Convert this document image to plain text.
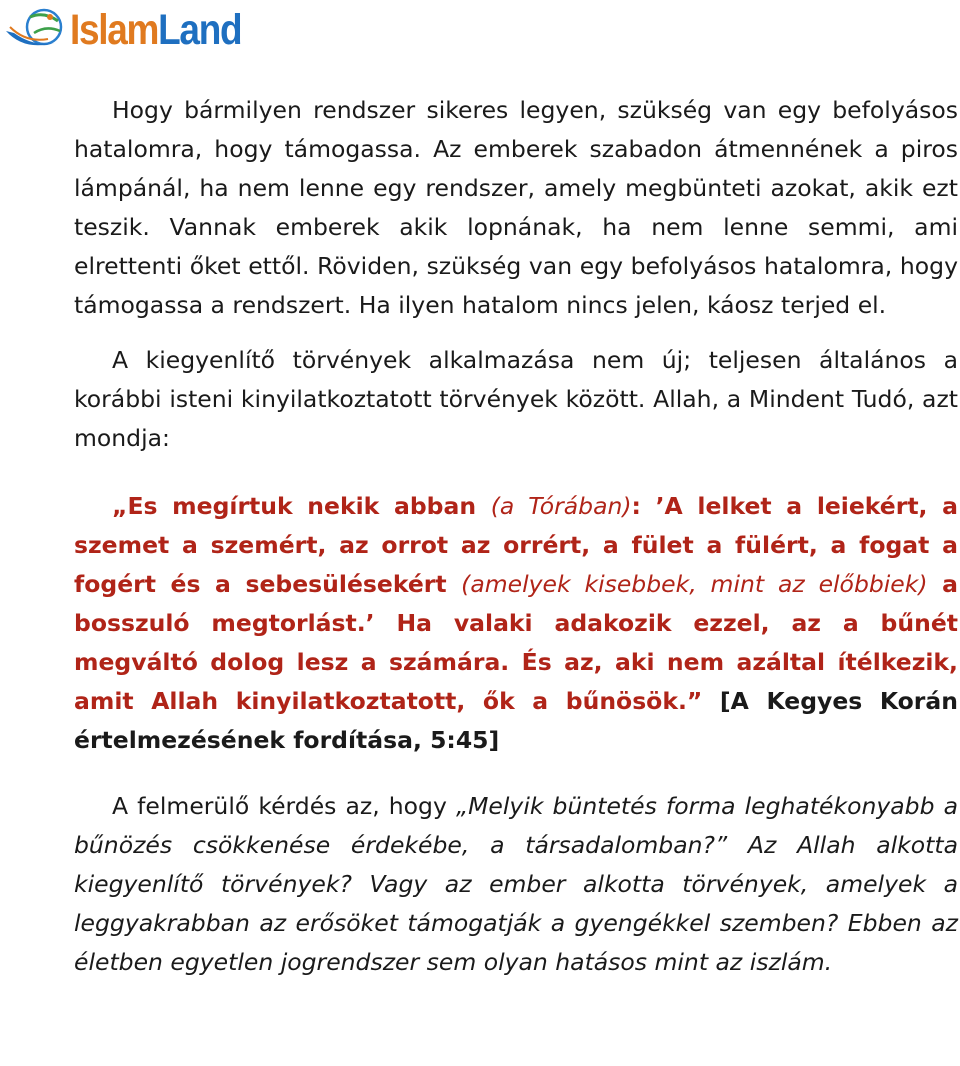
IslamLand

Hogy bármilyen rendszer sikeres legyen, szükség van egy befolyásos hatalomra, hogy támogassa. Az emberek szabadon átmennének a piros lámpánál, ha nem lenne egy rendszer, amely megbünteti azokat, akik ezt teszik. Vannak emberek akik lopnának, ha nem lenne semmi, ami elrettenti őket ettől. Röviden, szükség van egy befolyásos hatalomra, hogy támogassa a rendszert. Ha ilyen hatalom nincs jelen, káosz terjed el.

A kiegyenlítő törvények alkalmazása nem új; teljesen általános a korábbi isteni kinyilatkoztatott törvények között. Allah, a Mindent Tudó, azt mondja:

„Es megírtuk nekik abban (a Tórában): ’A lelket a leiekért, a szemet a szemért, az orrot az orrért, a fület a fülért, a fogat a fogért és a sebesülésekért (amelyek kisebbek, mint az előbbiek) a bosszuló megtorlást.’ Ha valaki adakozik ezzel, az a bűnét megváltó dolog lesz a számára. És az, aki nem azáltal ítélkezik, amit Allah kinyilatkoztatott, ők a bűnösök.” [A Kegyes Korán értelmezésének fordítása, 5:45]

A felmerülő kérdés az, hogy „Melyik büntetés forma leghatékonyabb a bűnözés csökkenése érdekébe, a társadalomban?” Az Allah alkotta kiegyenlítő törvények? Vagy az ember alkotta törvények, amelyek a leggyakrabban az erősöket támogatják a gyengékkel szemben? Ebben az életben egyetlen jogrendszer sem olyan hatásos mint az iszlám.
